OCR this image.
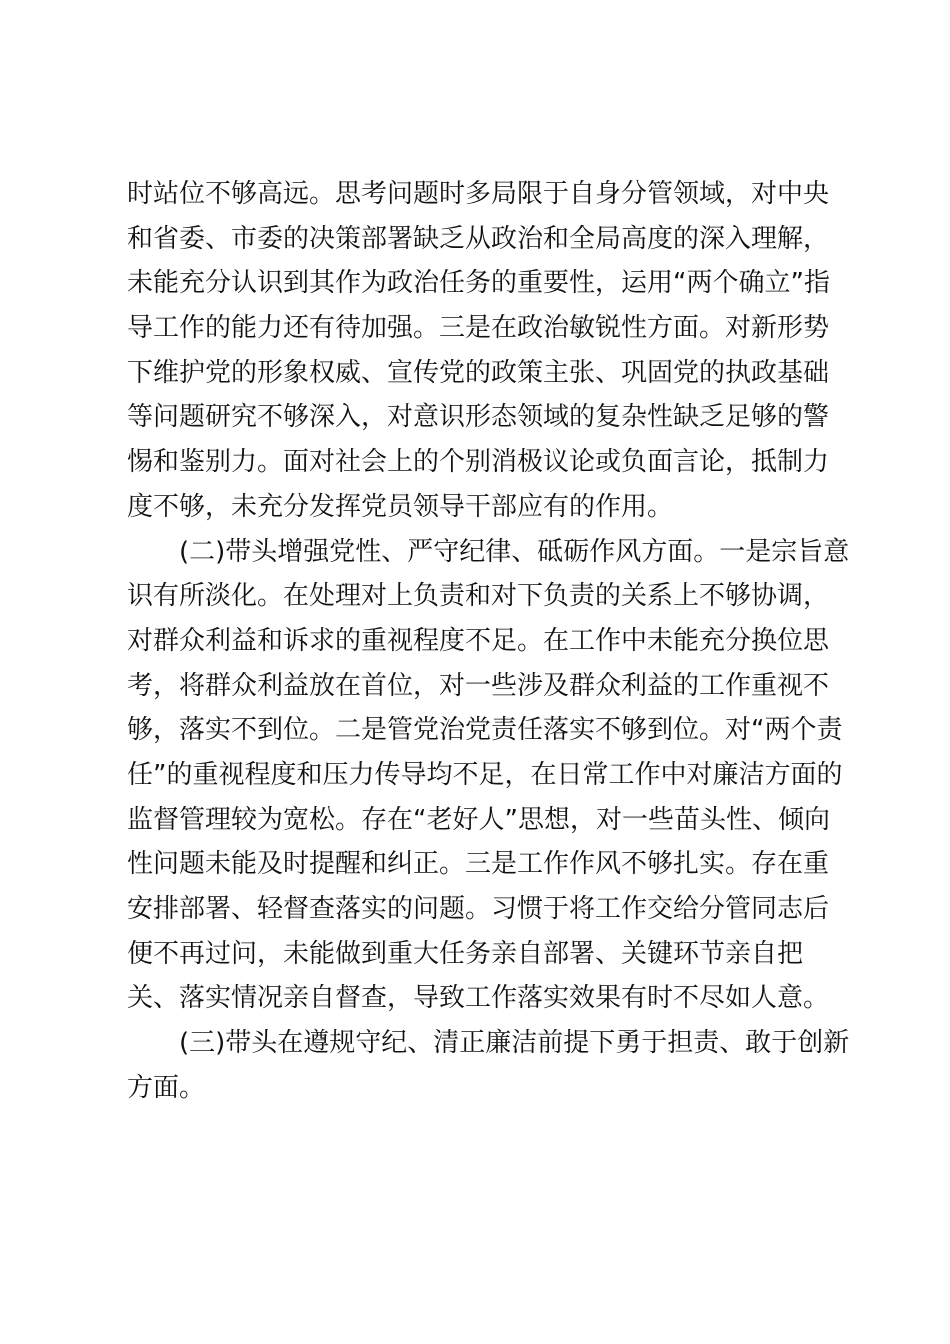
时站位不够高远。思考问题时多局限于自身分管领域，对中央
和省委、市委的决策部署缺乏从政治和全局高度的深入理解，
未能充分认识到其作为政治任务的重要性，运用“两个确立”指
导工作的能力还有待加强。三是在政治敏锐性方面。对新形势
下维护党的形象权威、宣传党的政策主张、巩固党的执政基础
等问题研究不够深入，对意识形态领域的复杂性缺乏足够的警
惕和鉴别力。面对社会上的个别消极议论或负面言论，抵制力
度不够，未充分发挥党员领导干部应有的作用。
(二)带头增强党性、严守纪律、砥砺作风方面。一是宗旨意
识有所淡化。在处理对上负责和对下负责的关系上不够协调，
对群众利益和诉求的重视程度不足。在工作中未能充分换位思
考，将群众利益放在首位，对一些涉及群众利益的工作重视不
够，落实不到位。二是管党治党责任落实不够到位。对“两个责
任”的重视程度和压力传导均不足，在日常工作中对廉洁方面的
监督管理较为宽松。存在“老好人”思想，对一些苗头性、倾向
性问题未能及时提醒和纠正。三是工作作风不够扎实。存在重
安排部署、轻督查落实的问题。习惯于将工作交给分管同志后
便不再过问，未能做到重大任务亲自部署、关键环节亲自把
关、落实情况亲自督查，导致工作落实效果有时不尽如人意。
(三)带头在遵规守纪、清正廉洁前提下勇于担责、敢于创新
方面。
